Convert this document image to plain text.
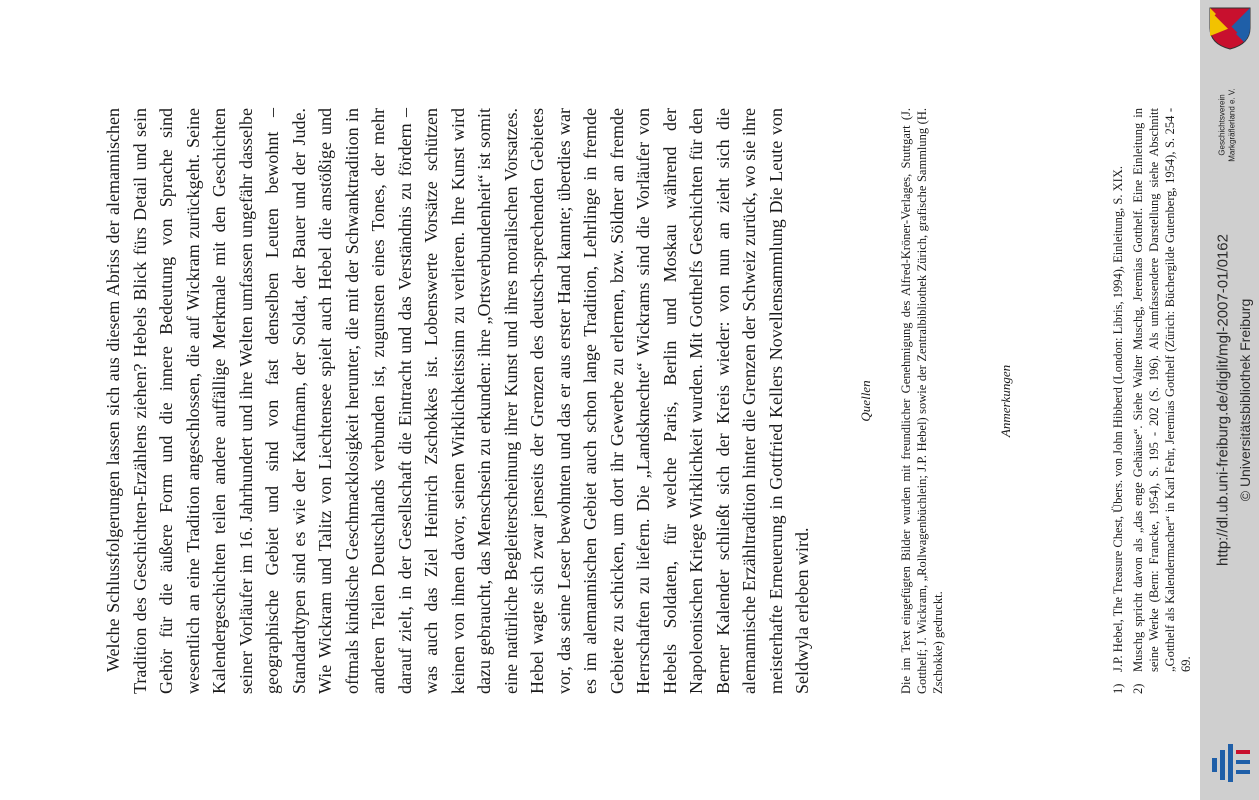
Welche Schlussfolgerungen lassen sich aus diesem Abriss der alemannischen Tradition des Geschichten-Erzählens ziehen? Hebels Blick fürs Detail und sein Gehör für die äußere Form und die innere Bedeutung von Sprache sind wesentlich an eine Tradition angeschlossen, die auf Wickram zurückgeht. Seine Kalendergeschichten teilen andere auffällige Merkmale mit den Geschichten seiner Vorläufer im 16. Jahrhundert und ihre Welten umfassen ungefähr dasselbe geographische Gebiet und sind von fast denselben Leuten bewohnt – Standardtypen sind es wie der Kaufmann, der Soldat, der Bauer und der Jude. Wie Wickram und Talitz von Liechtensee spielt auch Hebel die anstößige und oftmals kindische Geschmacklosigkeit herunter, die mit der Schwanktradition in anderen Teilen Deutschlands verbunden ist, zugunsten eines Tones, der mehr darauf zielt, in der Gesellschaft die Eintracht und das Verständnis zu fördern – was auch das Ziel Heinrich Zschokkes ist. Lobenswerte Vorsätze schützen keinen von ihnen davor, seinen Wirklichkeitssinn zu verlieren. Ihre Kunst wird dazu gebraucht, das Menschsein zu erkunden: ihre „Ortsverbundenheit“ ist somit eine natürliche Begleiterscheinung ihrer Kunst und ihres moralischen Vorsatzes. Hebel wagte sich zwar jenseits der Grenzen des deutsch-sprechenden Gebietes vor, das seine Leser bewohnten und das er aus erster Hand kannte; überdies war es im alemannischen Gebiet auch schon lange Tradition, Lehrlinge in fremde Gebiete zu schicken, um dort ihr Gewerbe zu erlernen, bzw. Söldner an fremde Herrschaften zu liefern. Die „Landsknechte“ Wickrams sind die Vorläufer von Hebels Soldaten, für welche Paris, Berlin und Moskau während der Napoleonischen Kriege Wirklichkeit wurden. Mit Gotthelfs Geschichten für den Berner Kalender schließt sich der Kreis wieder: von nun an zieht sich die alemannische Erzähltradition hinter die Grenzen der Schweiz zurück, wo sie ihre meisterhafte Erneuerung in Gottfried Kellers Novellensammlung Die Leute von Seldwyla erleben wird.

Quellen Die im Text eingefügten Bilder wurden mit freundlicher Genehmigung des Alfred-Kröner-Verlages, Stuttgart (J. Gotthelf; J. Wickram, „Rollwagenbüchlein; J.P. Hebel) sowie der Zentralbibliothek Zürich, grafische Sammlung (H. Zschokke) gedruckt.

Anmerkungen
1)
J.P. Hebel, The Treasure Chest, Übers. von John Hibberd (London: Libris, 1994), Einleitung, S. XIX.
2)
Muschg spricht davon als „das enge Gehäuse“. Siehe Walter Muschg, Jeremias Gotthelf. Eine Einleitung in seine Werke (Bern: Francke, 1954), S. 195 - 202 (S. 196). Als umfassendere Darstellung siehe Abschnitt „Gotthelf als Kalendermacher“ in Karl Fehr, Jeremias Gotthelf (Zürich: Büchergilde Gutenberg, 1954), S. 254 - 69.
Geschichtsverein Markgräflerland e. V.
http://dl.ub.uni-freiburg.de/diglit/mgl-2007-01/0162 © Universitätsbibliothek Freiburg
